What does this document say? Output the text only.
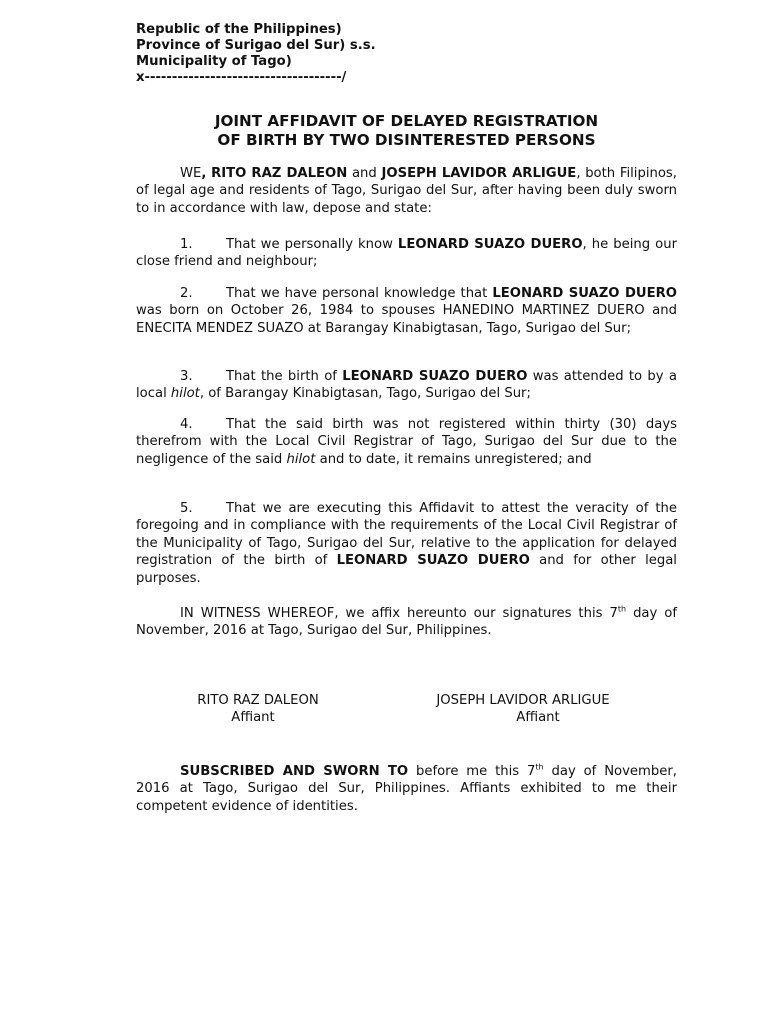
Republic of the Philippines)
Province of Surigao del Sur) s.s.
Municipality of Tago)
x------------------------------------/
JOINT AFFIDAVIT OF DELAYED REGISTRATION
OF BIRTH BY TWO DISINTERESTED PERSONS

WE, RITO RAZ DALEON and JOSEPH LAVIDOR ARLIGUE, both Filipinos, of legal age and residents of Tago, Surigao del Sur, after having been duly sworn to in accordance with law, depose and state:

1.	That we personally know LEONARD SUAZO DUERO, he being our close friend and neighbour;

2.	That we have personal knowledge that LEONARD SUAZO DUERO was born on October 26, 1984 to spouses HANEDINO MARTINEZ DUERO and ENECITA MENDEZ SUAZO at Barangay Kinabigtasan, Tago, Surigao del Sur;

3.	That the birth of LEONARD SUAZO DUERO was attended to by a local hilot, of Barangay Kinabigtasan, Tago, Surigao del Sur;

4.	That the said birth was not registered within thirty (30) days therefrom with the Local Civil Registrar of Tago, Surigao del Sur due to the negligence of the said hilot and to date, it remains unregistered; and

5.	That we are executing this Affidavit to attest the veracity of the foregoing and in compliance with the requirements of the Local Civil Registrar of the Municipality of Tago, Surigao del Sur, relative to the application for delayed registration of the birth of LEONARD SUAZO DUERO and for other legal purposes.

IN WITNESS WHEREOF, we affix hereunto our signatures this 7th day of November, 2016 at Tago, Surigao del Sur, Philippines.

RITO RAZ DALEON
Affiant
JOSEPH LAVIDOR ARLIGUE
Affiant

SUBSCRIBED AND SWORN TO before me this 7th day of November, 2016 at Tago, Surigao del Sur, Philippines. Affiants exhibited to me their competent evidence of identities.
